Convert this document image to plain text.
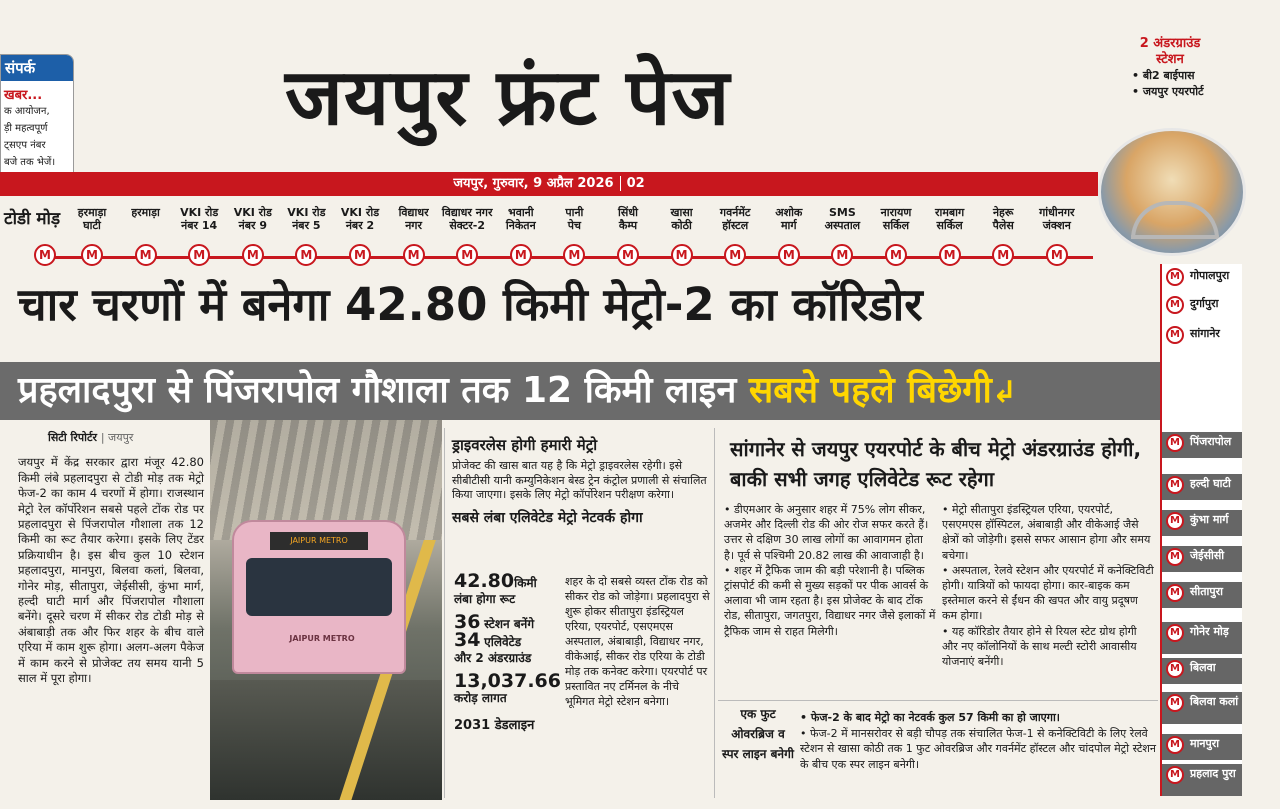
संपर्क
खबर...
क आयोजन,
ड़ी महत्वपूर्ण
ट्सएप नंबर
बजे तक भेजें।
जयपुर फ्रंट पेज
2 अंडरग्राउंड
स्टेशन
• बी2 बाईपास
• जयपुर एयरपोर्ट
जयपुर, गुरुवार, 9 अप्रैल 2026 02
टोडी मोड़	हरमाड़ा
घाटी
M
हरमाड़ा
M	VKI रोड
नंबर 14
M
VKI रोड
नंबर 9
M
VKI रोड
नंबर 5
M
VKI रोड
नंबर 2
M
विद्याधर
नगर
M
विद्याधर नगर
सेक्टर-2
M
भवानी
निकेतन
M
पानी
पेच
M
सिंधी
कैम्प
M
खासा
कोठी
M
गवर्नमेंट
हॉस्टल
M
अशोक
मार्ग
M
SMS
अस्पताल
M
नारायण
सर्किल
M
रामबाग
सर्किल
M
नेहरू
पैलेस
M
गांधीनगर
जंक्शन
M
M
M
गोपालपुरा
M
दुर्गापुरा
M
सांगानेर
M
पिंजरापोल
M
हल्दी घाटी
M
कुंभा मार्ग
M
जेईसीसी
M
सीतापुरा
M
गोनेर मोड़
M
बिलवा
M
बिलवा कलां
M
मानपुरा
M
प्रहलाद पुरा
चार चरणों में बनेगा 42.80 किमी मेट्रो-2 का कॉरिडोर
प्रहलादपुरा से पिंजरापोल गौशाला तक 12 किमी लाइन सबसे पहले बिछेगी↲
सिटी रिपोर्टर | जयपुर

जयपुर में केंद्र सरकार द्वारा मंजूर 42.80 किमी लंबे प्रहलादपुरा से टोडी मोड़ तक मेट्रो फेज-2 का काम 4 चरणों में होगा। राजस्थान मेट्रो रेल कॉर्पोरेशन सबसे पहले टोंक रोड पर प्रहलादपुरा से पिंजरापोल गौशाला तक 12 किमी का रूट तैयार करेगा। इसके लिए टेंडर प्रक्रियाधीन है। इस बीच कुल 10 स्टेशन प्रहलादपुरा, मानपुरा, बिलवा कलां, बिलवा, गोनेर मोड़, सीतापुरा, जेईसीसी, कुंभा मार्ग, हल्दी घाटी मार्ग और पिंजरापोल गौशाला बनेंगे। दूसरे चरण में सीकर रोड टोडी मोड़ से अंबाबाड़ी तक और फिर शहर के बीच वाले एरिया में काम शुरू होगा। अलग-अलग पैकेज में काम करने से प्रोजेक्ट तय समय यानी 5 साल में पूरा होगा।

JAIPUR METRO
JAIPUR METRO
ड्राइवरलेस होगी हमारी मेट्रो

प्रोजेक्ट की खास बात यह है कि मेट्रो ड्राइवरलेस रहेगी। इसे सीबीटीसी यानी कम्युनिकेशन बेस्ड ट्रेन कंट्रोल प्रणाली से संचालित किया जाएगा। इसके लिए मेट्रो कॉर्पोरेशन परीक्षण करेगा।

सबसे लंबा एलिवेटेड मेट्रो नेटवर्क होगा
42.80किमी
लंबा होगा रूट
36 स्टेशन बनेंगे
34 एलिवेटेड
और 2 अंडरग्राउंड
13,037.66
करोड़ लागत
2031 डेडलाइन

शहर के दो सबसे व्यस्त टोंक रोड को सीकर रोड को जोड़ेगा। प्रहलादपुरा से शुरू होकर सीतापुरा इंडस्ट्रियल एरिया, एयरपोर्ट, एसएमएस अस्पताल, अंबाबाड़ी, विद्याधर नगर, वीकेआई, सीकर रोड एरिया के टोडी मोड़ तक कनेक्ट करेगा। एयरपोर्ट पर प्रस्तावित नए टर्मिनल के नीचे भूमिगत मेट्रो स्टेशन बनेगा।

सांगानेर से जयपुर एयरपोर्ट के बीच मेट्रो अंडरग्राउंड होगी, बाकी सभी जगह एलिवेटेड रूट रहेगा

• डीएमआर के अनुसार शहर में 75% लोग सीकर, अजमेर और दिल्ली रोड की ओर रोज सफर करते हैं। उत्तर से दक्षिण 30 लाख लोगों का आवागमन होता है। पूर्व से पश्चिमी 20.82 लाख की आवाजाही है।

• शहर में ट्रैफिक जाम की बड़ी परेशानी है। पब्लिक ट्रांसपोर्ट की कमी से मुख्य सड़कों पर पीक आवर्स के अलावा भी जाम रहता है। इस प्रोजेक्ट के बाद टोंक रोड, सीतापुरा, जगतपुरा, विद्याधर नगर जैसे इलाकों में ट्रैफिक जाम से राहत मिलेगी।

• मेट्रो सीतापुरा इंडस्ट्रियल एरिया, एयरपोर्ट, एसएमएस हॉस्पिटल, अंबाबाड़ी और वीकेआई जैसे क्षेत्रों को जोड़ेगी। इससे सफर आसान होगा और समय बचेगा।

• अस्पताल, रेलवे स्टेशन और एयरपोर्ट में कनेक्टिविटी होगी। यात्रियों को फायदा होगा। कार-बाइक कम इस्तेमाल करने से ईंधन की खपत और वायु प्रदूषण कम होगा।

• यह कॉरिडोर तैयार होने से रियल स्टेट ग्रोथ होगी और नए कॉलोनियों के साथ मल्टी स्टोरी आवासीय योजनाएं बनेंगी।

एक फुट ओवरब्रिज व स्पर लाइन बनेगी

• फेज-2 के बाद मेट्रो का नेटवर्क कुल 57 किमी का हो जाएगा।

• फेज-2 में मानसरोवर से बड़ी चौपड़ तक संचालित फेज-1 से कनेक्टिविटी के लिए रेलवे स्टेशन से खासा कोठी तक 1 फुट ओवरब्रिज और गवर्नमेंट हॉस्टल और चांदपोल मेट्रो स्टेशन के बीच एक स्पर लाइन बनेगी।
